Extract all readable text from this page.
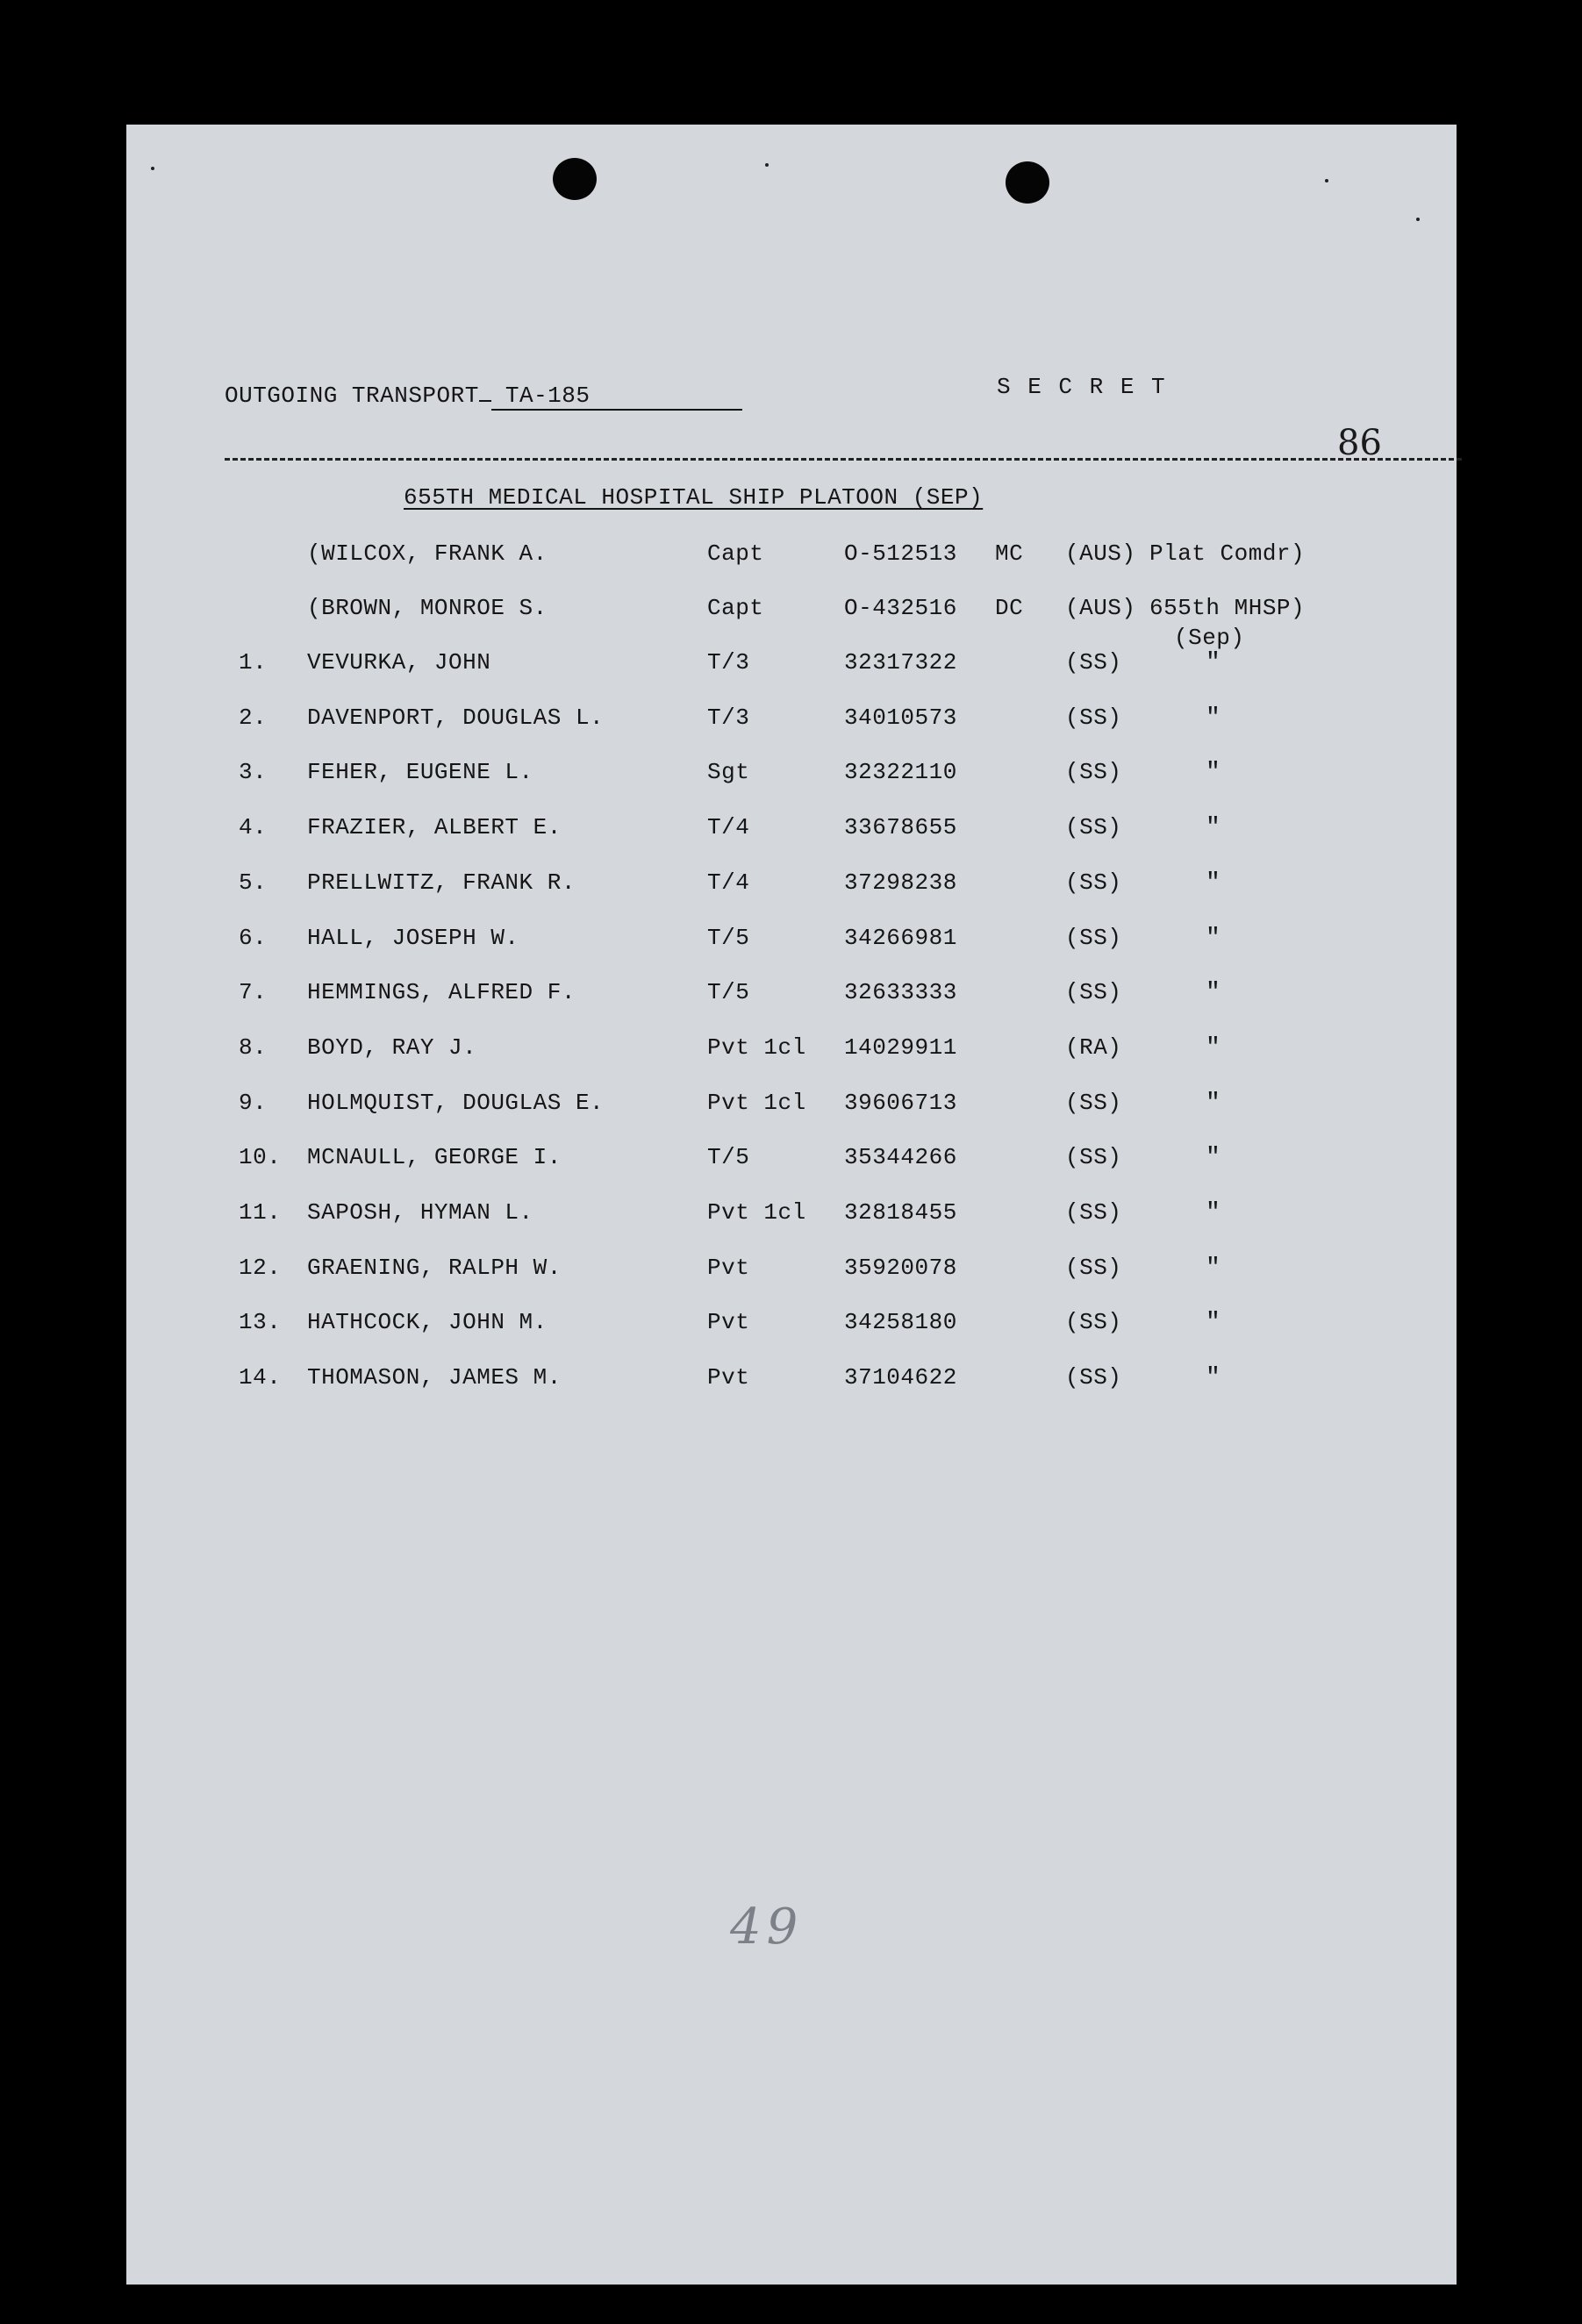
OUTGOING TRANSPORT TA-185	S E C R E T
86
655TH MEDICAL HOSPITAL SHIP PLATOON (SEP)
(WILCOX, FRANK A.	Capt	O-512513 MC (AUS) Plat Comdr)
(BROWN, MONROE S.	Capt	O-432516 DC (AUS) 655th MHSP)
(Sep)
1. VEVURKA, JOHN	T/3	32317322	(SS)	"
2. DAVENPORT, DOUGLAS L.	T/3	34010573	(SS)	"
3. FEHER, EUGENE L.	Sgt	32322110	(SS)	"
4. FRAZIER, ALBERT E.	T/4	33678655	(SS)	"
5. PRELLWITZ, FRANK R.	T/4	37298238	(SS)	"
6. HALL, JOSEPH W.	T/5	34266981	(SS)	"
7. HEMMINGS, ALFRED F.	T/5	32633333	(SS)	"
8. BOYD, RAY J.	Pvt 1cl 14029911	(RA)	"
9. HOLMQUIST, DOUGLAS E.	Pvt 1cl 39606713	(SS)	"
10. MCNAULL, GEORGE I.	T/5	35344266	(SS)	"
11. SAPOSH, HYMAN L.	Pvt 1cl 32818455	(SS)	"
12. GRAENING, RALPH W.	Pvt	35920078	(SS)	"
13. HATHCOCK, JOHN M.	Pvt	34258180	(SS)	"
14. THOMASON, JAMES M.	Pvt	37104622	(SS)	"
49
